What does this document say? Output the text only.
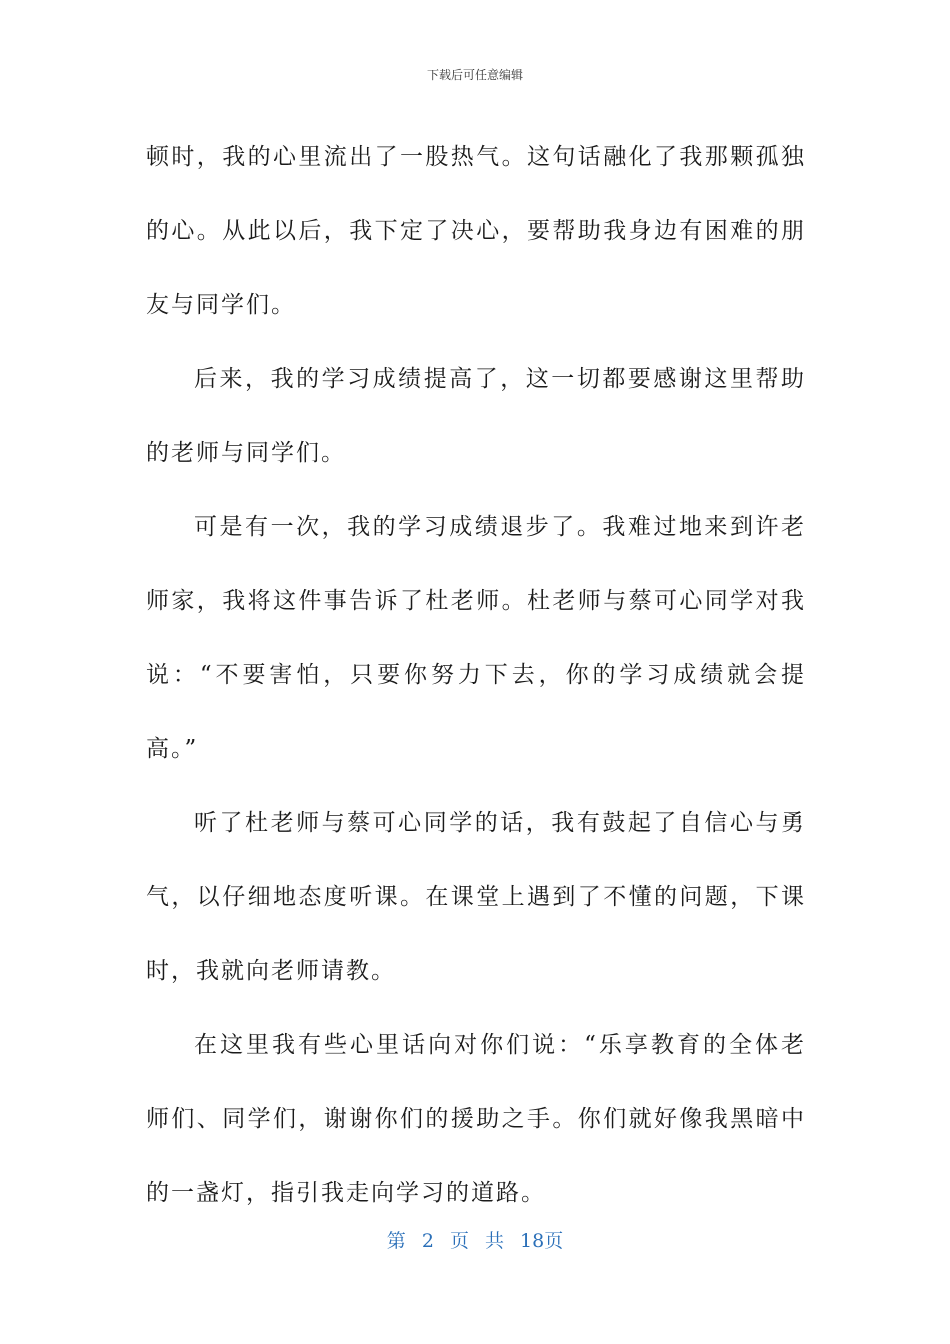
下载后可任意编辑

顿时，我的心里流出了一股热气。这句话融化了我那颗孤独的心。从此以后，我下定了决心，要帮助我身边有困难的朋友与同学们。

后来，我的学习成绩提高了，这一切都要感谢这里帮助的老师与同学们。

可是有一次，我的学习成绩退步了。我难过地来到许老师家，我将这件事告诉了杜老师。杜老师与蔡可心同学对我说：“不要害怕，只要你努力下去，你的学习成绩就会提高。”

听了杜老师与蔡可心同学的话，我有鼓起了自信心与勇气，以仔细地态度听课。在课堂上遇到了不懂的问题，下课时，我就向老师请教。

在这里我有些心里话向对你们说：“乐享教育的全体老师们、同学们，谢谢你们的援助之手。你们就好像我黑暗中的一盏灯，指引我走向学习的道路。

第 2 页 共 18页
